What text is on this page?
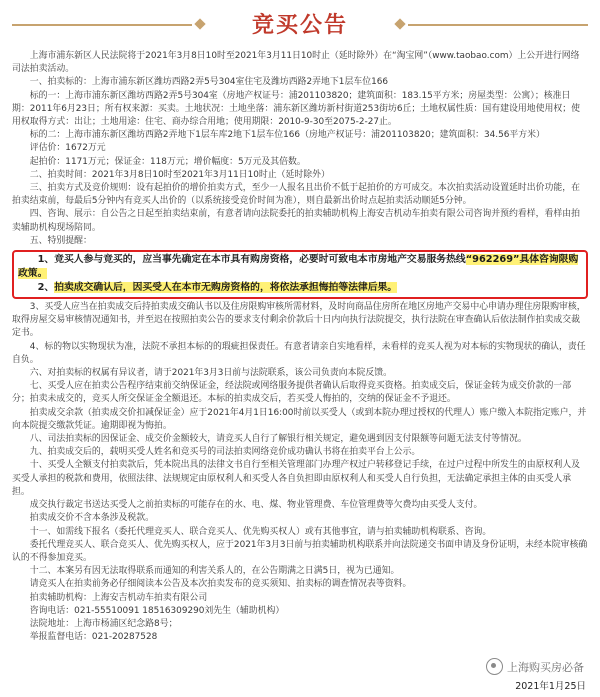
竞买公告

上海市浦东新区人民法院将于2021年3月8日10时至2021年3月11日10时止（延时除外）在“淘宝网”（www.taobao.com）上公开进行网络司法拍卖活动。

一、拍卖标的：上海市浦东新区潍坊西路2弄5号304室住宅及潍坊西路2弄地下1层车位166

标的一：上海市浦东新区潍坊西路2弄5号304室（房地产权证号：浦201103820；建筑面积：183.15平方米；房屋类型：公寓）；核准日期：2011年6月23日；所有权来源：买卖。土地状况：土地坐落：浦东新区潍坊新村街道253街坊6丘；土地权属性质：国有建设用地使用权；使用权取得方式：出让；土地用途：住宅、商办综合用地；使用期限：2010-9-30至2075-2-27止。

标的二：上海市浦东新区潍坊西路2弄地下1层车库2地下1层车位166（房地产权证号：浦201103820；建筑面积：34.56平方米）

评估价：1672万元

起拍价：1171万元；保证金：118万元；增价幅度：5万元及其倍数。

二、拍卖时间：2021年3月8日10时至2021年3月11日10时止（延时除外）

三、拍卖方式及竞价规则：设有起拍价的增价拍卖方式，至少一人报名且出价不低于起拍价的方可成交。本次拍卖活动设置延时出价功能，在拍卖结束前，每最后5分钟内有竞买人出价的（以系统接受竞价时间为准），则自最新出价时点起拍卖活动顺延5分钟。

四、咨询、展示：自公告之日起至拍卖结束前，有意者请向法院委托的拍卖辅助机构上海安吉机动车拍卖有限公司咨询并预约看样，看样由拍卖辅助机构现场陪同。

五、特别提醒：

1、竞买人参与竞买的，应当事先确定在本市具有购房资格，必要时可致电本市房地产交易服务热线“962269”具体咨询限购政策。

2、拍卖成交确认后，因买受人在本市无购房资格的，将依法承担悔拍等法律后果。

3、买受人应当在拍卖成交后持拍卖成交确认书以及住房限购审核所需材料，及时向商品住房所在地区房地产交易中心申请办理住房限购审核，取得房屋交易审核情况通知书，并至迟在按照拍卖公告的要求支付剩余价款后十日内向执行法院提交，执行法院在审查确认后依法制作拍卖成交裁定书。

4、标的物以实物现状为准，法院不承担本标的的瑕疵担保责任。有意者请亲自实地看样，未看样的竞买人视为对本标的实物现状的确认，责任自负。

六、对拍卖标的权属有异议者，请于2021年3月3日前与法院联系，该公司负责向本院反馈。

七、买受人应在拍卖公告程序结束前交纳保证金，经法院或网络服务提供者确认后取得竞买资格。拍卖成交后，保证金转为成交价款的一部分；拍卖未成交的，竞买人所交保证金全额退还。本标的拍卖成交后，若买受人悔拍的，交纳的保证金不予退还。

拍卖成交余款（拍卖成交价扣减保证金）应于2021年4月1日16:00时前以买受人（或到本院办理过授权的代理人）账户缴入本院指定账户，并向本院提交缴款凭证。逾期即视为悔拍。

八、司法拍卖标的因保证金、成交价金额较大，请竞买人自行了解银行相关规定，避免遇到因支付限额等问题无法支付等情况。

九、拍卖成交后的，载明买受人姓名和竞买号的司法拍卖网络竞价成功确认书将在拍卖平台上公示。

十、买受人全额支付拍卖款后，凭本院出具的法律文书自行至相关管理部门办理产权过户转移登记手续，在过户过程中所发生的由原权利人及买受人承担的税款和费用，依照法律、法规规定由原权利人和买受人各自负担即由原权利人和买受人自行负担，无法确定承担主体的由买受人承担。

成交执行裁定书送达买受人之前拍卖标的可能存在的水、电、煤、物业管理费、车位管理费等欠费均由买受人支付。

拍卖成交价不含本条涉及税款。

十一、如需线下报名（委托代理竞买人、联合竞买人、优先购买权人）或有其他事宜，请与拍卖辅助机构联系、咨询。

委托代理竞买人、联合竞买人、优先购买权人，应于2021年3月3日前与拍卖辅助机构联系并向法院递交书面申请及身份证明，未经本院审核确认的不得参加竞买。

十二、本案另有因无法取得联系而通知的利害关系人的，在公告期满之日满5日，视为已通知。

请竞买人在拍卖前务必仔细阅读本公告及本次拍卖发布的竞买须知、拍卖标的调查情况表等资料。

拍卖辅助机构：上海安吉机动车拍卖有限公司

咨询电话：021-55510091 18516309290刘先生（辅助机构）

法院地址：上海市杨浦区纪念路8号；

举报监督电话：021-20287528

上海购买房必备
2021年1月25日
